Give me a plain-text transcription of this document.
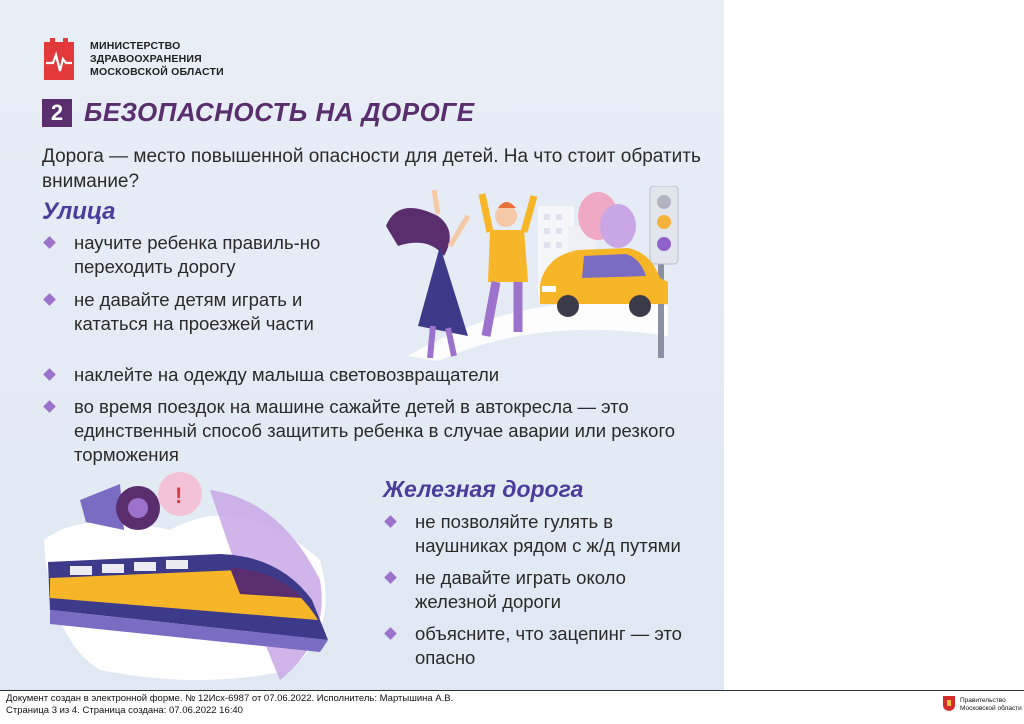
МИНИСТЕРСТВО
ЗДРАВООХРАНЕНИЯ
МОСКОВСКОЙ ОБЛАСТИ
2 БЕЗОПАСНОСТЬ НА ДОРОГЕ
Дорога — место повышенной опасности для детей. На что стоит обратить внимание?
Улица
научите ребенка правиль-но переходить дорогу
не давайте детям играть и кататься на проезжей части
наклейте на одежду малыша световозвращатели
во время поездок на машине сажайте детей в автокресла — это единственный способ защитить ребенка в случае аварии или резкого торможения
!	Железная дорога
не позволяйте гулять в наушниках рядом с ж/д путями
не давайте играть около железной дороги
объясните, что зацепинг — это опасно
Документ создан в электронной форме. № 12Исх-6987 от 07.06.2022. Исполнитель: Мартышина А.В.
Страница 3 из 4. Страница создана: 07.06.2022 16:40
Правительство
Московской области
